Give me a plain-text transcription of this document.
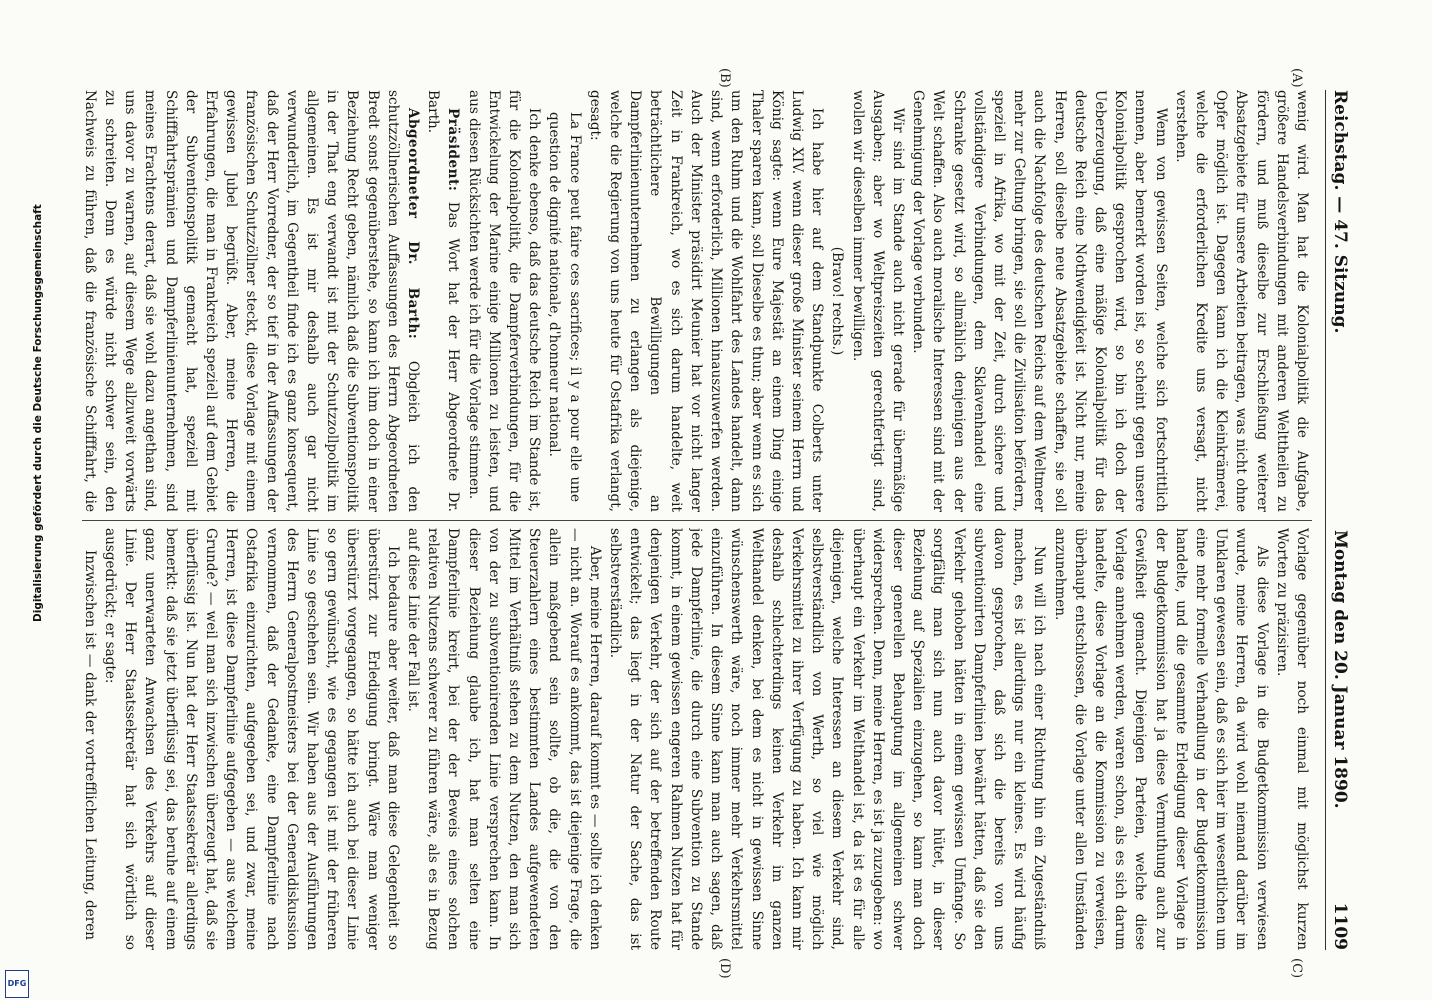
Reichstag. — 47. Sitzung.
Montag den 20. Januar 1890.
1109
(A)
(B)
(C)
(D)

wenig wird. Man hat die Kolonialpolitik die Aufgabe, größere Handelsverbindungen mit anderen Welttheilen zu fördern, und muß dieselbe zur Erschließung weiterer Absatzgebiete für unsere Arbeiten beitragen, was nicht ohne Opfer möglich ist. Dagegen kann ich die Kleinkrämerei, welche die erforderlichen Kredite uns versagt, nicht verstehen.

Wenn von gewissen Seiten, welche sich fortschrittlich nennen, aber bemerkt worden ist, so scheint gegen unsere Kolonialpolitik gesprochen wird, so bin ich doch der Ueberzeugung, daß eine mäßige Kolonialpolitik für das deutsche Reich eine Nothwendigkeit ist. Nicht nur, meine Herren, soll dieselbe neue Absatzgebiete schaffen, sie soll auch die Nachfolge des deutschen Reichs auf dem Weltmeer mehr zur Geltung bringen, sie soll die Zivilisation befördern, speziell in Afrika, wo mit der Zeit, durch sichere und vollständigere Verbindungen, dem Sklavenhandel eine Schranke gesetzt wird, so allmählich denjenigen aus der Welt schaffen. Also auch moralische Interessen sind mit der Genehmigung der Vorlage verbunden.

Wir sind im Stande auch nicht gerade für übermäßige Ausgaben; aber wo Weltpreiszeiten gerechtfertigt sind, wollen wir dieselben immer bewilligen.

(Bravo! rechts.)

Ich habe hier auf dem Standpunkte Colberts unter Ludwig XIV. wenn dieser große Minister seinem Herrn und König sagte: wenn Eure Majestät an einem Ding einige Thaler sparen kann, soll Dieselbe es thun; aber wenn es sich um den Ruhm und die Wohlfahrt des Landes handelt, dann sind, wenn erforderlich, Millionen hinauszuwerfen werden. Auch der Minister präsidirt Meunier hat vor nicht langer Zeit in Frankreich, wo es sich darum handelte, weit beträchtlichere Bewilligungen an Dampferlinienunternehmen zu erlangen als diejenige, welche die Regierung von uns heute für Ostafrika verlangt, gesagt:

La France peut faire ces sacrifices; il y a pour elle une question de dignité nationale, d'honneur national.

Ich denke ebenso, daß das deutsche Reich im Stande ist, für die Kolonialpolitik, die Dampferverbindungen, für die Entwickelung der Marine einige Millionen zu leisten, und aus diesen Rücksichten werde ich für die Vorlage stimmen.

Präsident: Das Wort hat der Herr Abgeordnete Dr. Barth.

Abgeordneter Dr. Barth: Obgleich ich den schutzzöllnerischen Auffassungen des Herrn Abgeordneten Bredt sonst gegenüberstehe, so kann ich ihm doch in einer Beziehung Recht geben, nämlich daß die Subventionspolitik in der That eng verwandt ist mit der Schutzzollpolitik im allgemeinen. Es ist mir deshalb auch gar nicht verwunderlich, im Gegentheil finde ich es ganz konsequent, daß der Herr Vorredner, der so tief in der Auffassungen der französischen Schutzzöllner steckt, diese Vorlage mit einem gewissen Jubel begrüßt. Aber, meine Herren, die Erfahrungen, die man in Frankreich speziell auf dem Gebiet der Subventionspolitik gemacht hat, speziell mit Schifffahrtsprämien und Dampferlinienunternehmen, sind meines Erachtens derart, daß sie wohl dazu angethan sind, uns davor zu warnen, auf diesem Wege allzuweit vorwärts zu schreiten. Denn es würde nicht schwer sein, den Nachweis zu führen, daß die französische Schifffahrt, die

Vorlage gegenüber noch einmal mit möglichst kurzen Worten zu präzisiren.

Als diese Vorlage in die Budgetkommission verwiesen wurde, meine Herren, da wird wohl niemand darüber im Unklaren gewesen sein, daß es sich hier im wesentlichen um eine mehr formelle Verhandlung in der Budgetkommission handelte, und die gesammte Erledigung dieser Vorlage in der Budgetkommission hat ja diese Vermuthung auch zur Gewißheit gemacht. Diejenigen Parteien, welche diese Vorlage annehmen werden, waren schon, als es sich darum handelte, diese Vorlage an die Kommission zu verweisen, überhaupt entschlossen, die Vorlage unter allen Umständen anzunehmen.

Nun will ich nach einer Richtung hin ein Zugeständniß machen, es ist allerdings nur ein kleines. Es wird häufig davon gesprochen, daß sich die bereits von uns subventionirten Dampferlinien bewährt hätten, daß sie den Verkehr gehoben hätten in einem gewissen Umfange. So sorgfältig man sich nun auch davor hütet, in dieser Beziehung auf Spezialien einzugehen, so kann man doch dieser generellen Behauptung im allgemeinen schwer widersprechen. Denn, meine Herren, es ist ja zuzugeben: wo überhaupt ein Verkehr im Welthandel ist, da ist es für alle diejenigen, welche Interessen an diesem Verkehr sind, selbstverständlich von Werth, so viel wie möglich Verkehrsmittel zu ihrer Verfügung zu haben. Ich kann mir deshalb schlechterdings keinen Verkehr im ganzen Welthandel denken, bei dem es nicht in gewissen Sinne wünschenswerth wäre, noch immer mehr Verkehrsmittel einzuführen. In diesem Sinne kann man auch sagen, daß jede Dampferlinie, die durch eine Subvention zu Stande kommt, in einem gewissen engeren Rahmen Nutzen hat für denjenigen Verkehr, der sich auf der betreffenden Route entwickelt; das liegt in der Natur der Sache, das ist selbstverständlich.

Aber, meine Herren, darauf kommt es — sollte ich denken — nicht an. Worauf es ankommt, das ist diejenige Frage, die allein maßgebend sein sollte, ob die, die von den Steuerzahlern eines bestimmten Landes aufgewendeten Mittel im Verhältniß stehen zu dem Nutzen, den man sich von der zu subventionirenden Linie versprechen kann. In dieser Beziehung glaube ich, hat man selten eine Dampferlinie kreirt, bei der der Beweis eines solchen relativen Nutzens schwerer zu führen wäre, als es in Bezug auf diese Linie der Fall ist.

Ich bedaure aber weiter, daß man diese Gelegenheit so überstürzt zur Erledigung bringt. Wäre man weniger überstürzt vorgegangen, so hätte ich auch bei dieser Linie so gern gewünscht, wie es gegangen ist mit der früheren Linie so geschehen sein. Wir haben aus der Ausführungen des Herrn Generalpostmeisters bei der Generaldiskussion vernommen, daß der Gedanke, eine Dampferlinie nach Ostafrika einzurichten, aufgegeben sei, und zwar, meine Herren, ist diese Dampferlinie aufgegeben — aus welchem Grunde? — weil man sich inzwischen überzeugt hat, daß sie überflüssig ist. Nun hat der Herr Staatssekretär allerdings bemerkt: daß sie jetzt überflüssig sei, das beruhe auf einem ganz unerwarteten Anwachsen des Verkehrs auf dieser Linie. Der Herr Staatssekretär hat sich wörtlich so ausgedrückt; er sagte:

Inzwischen ist — dank der vortrefflichen Leitung, deren

Digitalisierung gefördert durch die Deutsche Forschungsgemeinschaft
DFG
